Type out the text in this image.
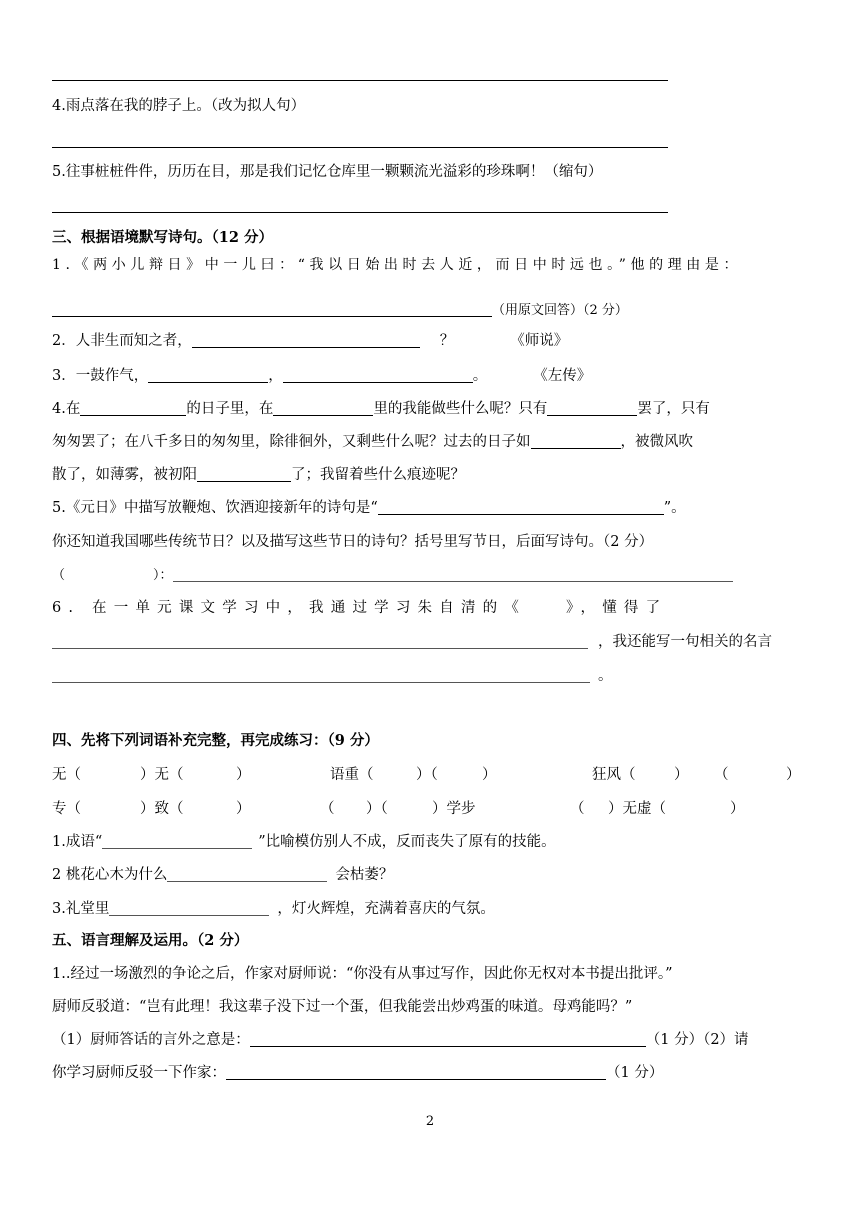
4.雨点落在我的脖子上。（改为拟人句）
5.往事桩桩件件，历历在目，那是我们记忆仓库里一颗颗流光溢彩的珍珠啊！（缩句）
三、根据语境默写诗句。（12 分）
1.《两小儿辩日》中一儿曰：“我以日始出时去人近，而日中时远也。”他的理由是：
（用原文回答）（2 分）
2．人非生而知之者，	？	《师说》
3．一鼓作气，	，	。	《左传》
4.在	的日子里，在	里的我能做些什么呢？只有	罢了，只有
匆匆罢了；在八千多日的匆匆里，除徘徊外，又剩些什么呢？过去的日子如	，被微风吹
散了，如薄雾，被初阳	了；我留着些什么痕迹呢？
5.《元日》中描写放鞭炮、饮酒迎接新年的诗句是“	”。
你还知道我国哪些传统节日？以及描写这些节日的诗句？括号里写节日，后面写诗句。（2 分）
（	）：
6. 在一单元课文学习中，我通过学习朱自清的《	》，懂得了
，我还能写一句相关的名言
。
四、先将下列词语补充完整，再完成练习：（9 分）
无（	）无（	）	语重（	）（	）	狂风（	） （	）
专（	）致（	）	（ ）（	）学步	（ ）无虚（	）
1.成语“	”比喻模仿别人不成，反而丧失了原有的技能。
2 桃花心木为什么	会枯萎？
3.礼堂里	，灯火辉煌，充满着喜庆的气氛。
五、语言理解及运用。（2 分）
1..经过一场激烈的争论之后，作家对厨师说：“你没有从事过写作，因此你无权对本书提出批评。”
厨师反驳道：“岂有此理！我这辈子没下过一个蛋，但我能尝出炒鸡蛋的味道。母鸡能吗？”
（1）厨师答话的言外之意是：	（1 分）（2）请
你学习厨师反驳一下作家：	（1 分）
2
